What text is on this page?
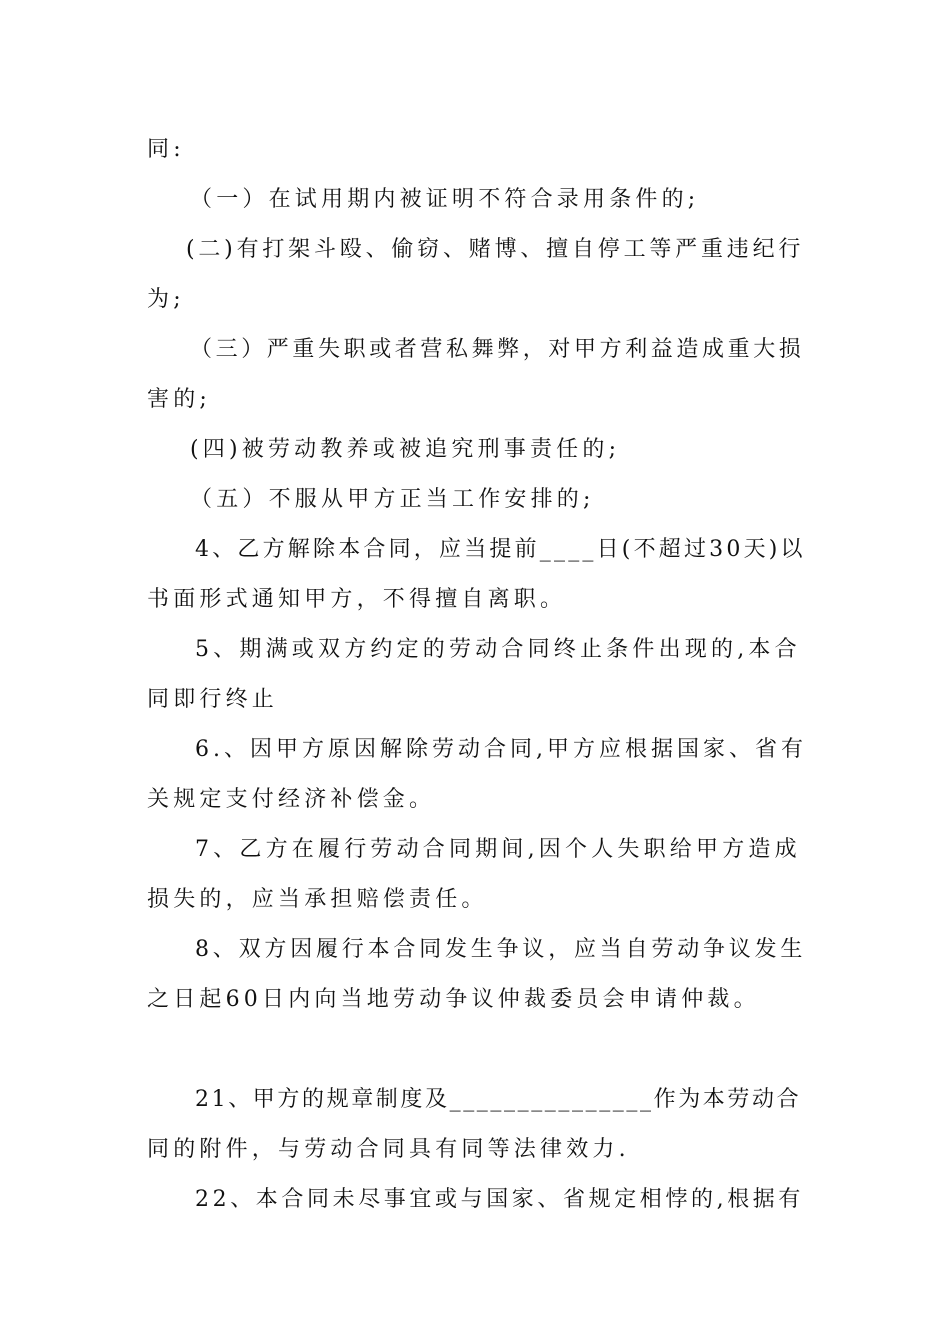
同:
（一）在试用期内被证明不符合录用条件的;
(二)有打架斗殴、偷窃、赌博、擅自停工等严重违纪行
为;
（三）严重失职或者营私舞弊，对甲方利益造成重大损
害的;
(四)被劳动教养或被追究刑事责任的;
（五）不服从甲方正当工作安排的;
4、乙方解除本合同，应当提前____日(不超过30天)以
书面形式通知甲方，不得擅自离职。
5、期满或双方约定的劳动合同终止条件出现的,本合
同即行终止
6.、因甲方原因解除劳动合同,甲方应根据国家、省有
关规定支付经济补偿金。
7、乙方在履行劳动合同期间,因个人失职给甲方造成
损失的，应当承担赔偿责任。
8、双方因履行本合同发生争议，应当自劳动争议发生
之日起60日内向当地劳动争议仲裁委员会申请仲裁。
21、甲方的规章制度及_______________作为本劳动合
同的附件，与劳动合同具有同等法律效力.
22、本合同未尽事宜或与国家、省规定相悖的,根据有
